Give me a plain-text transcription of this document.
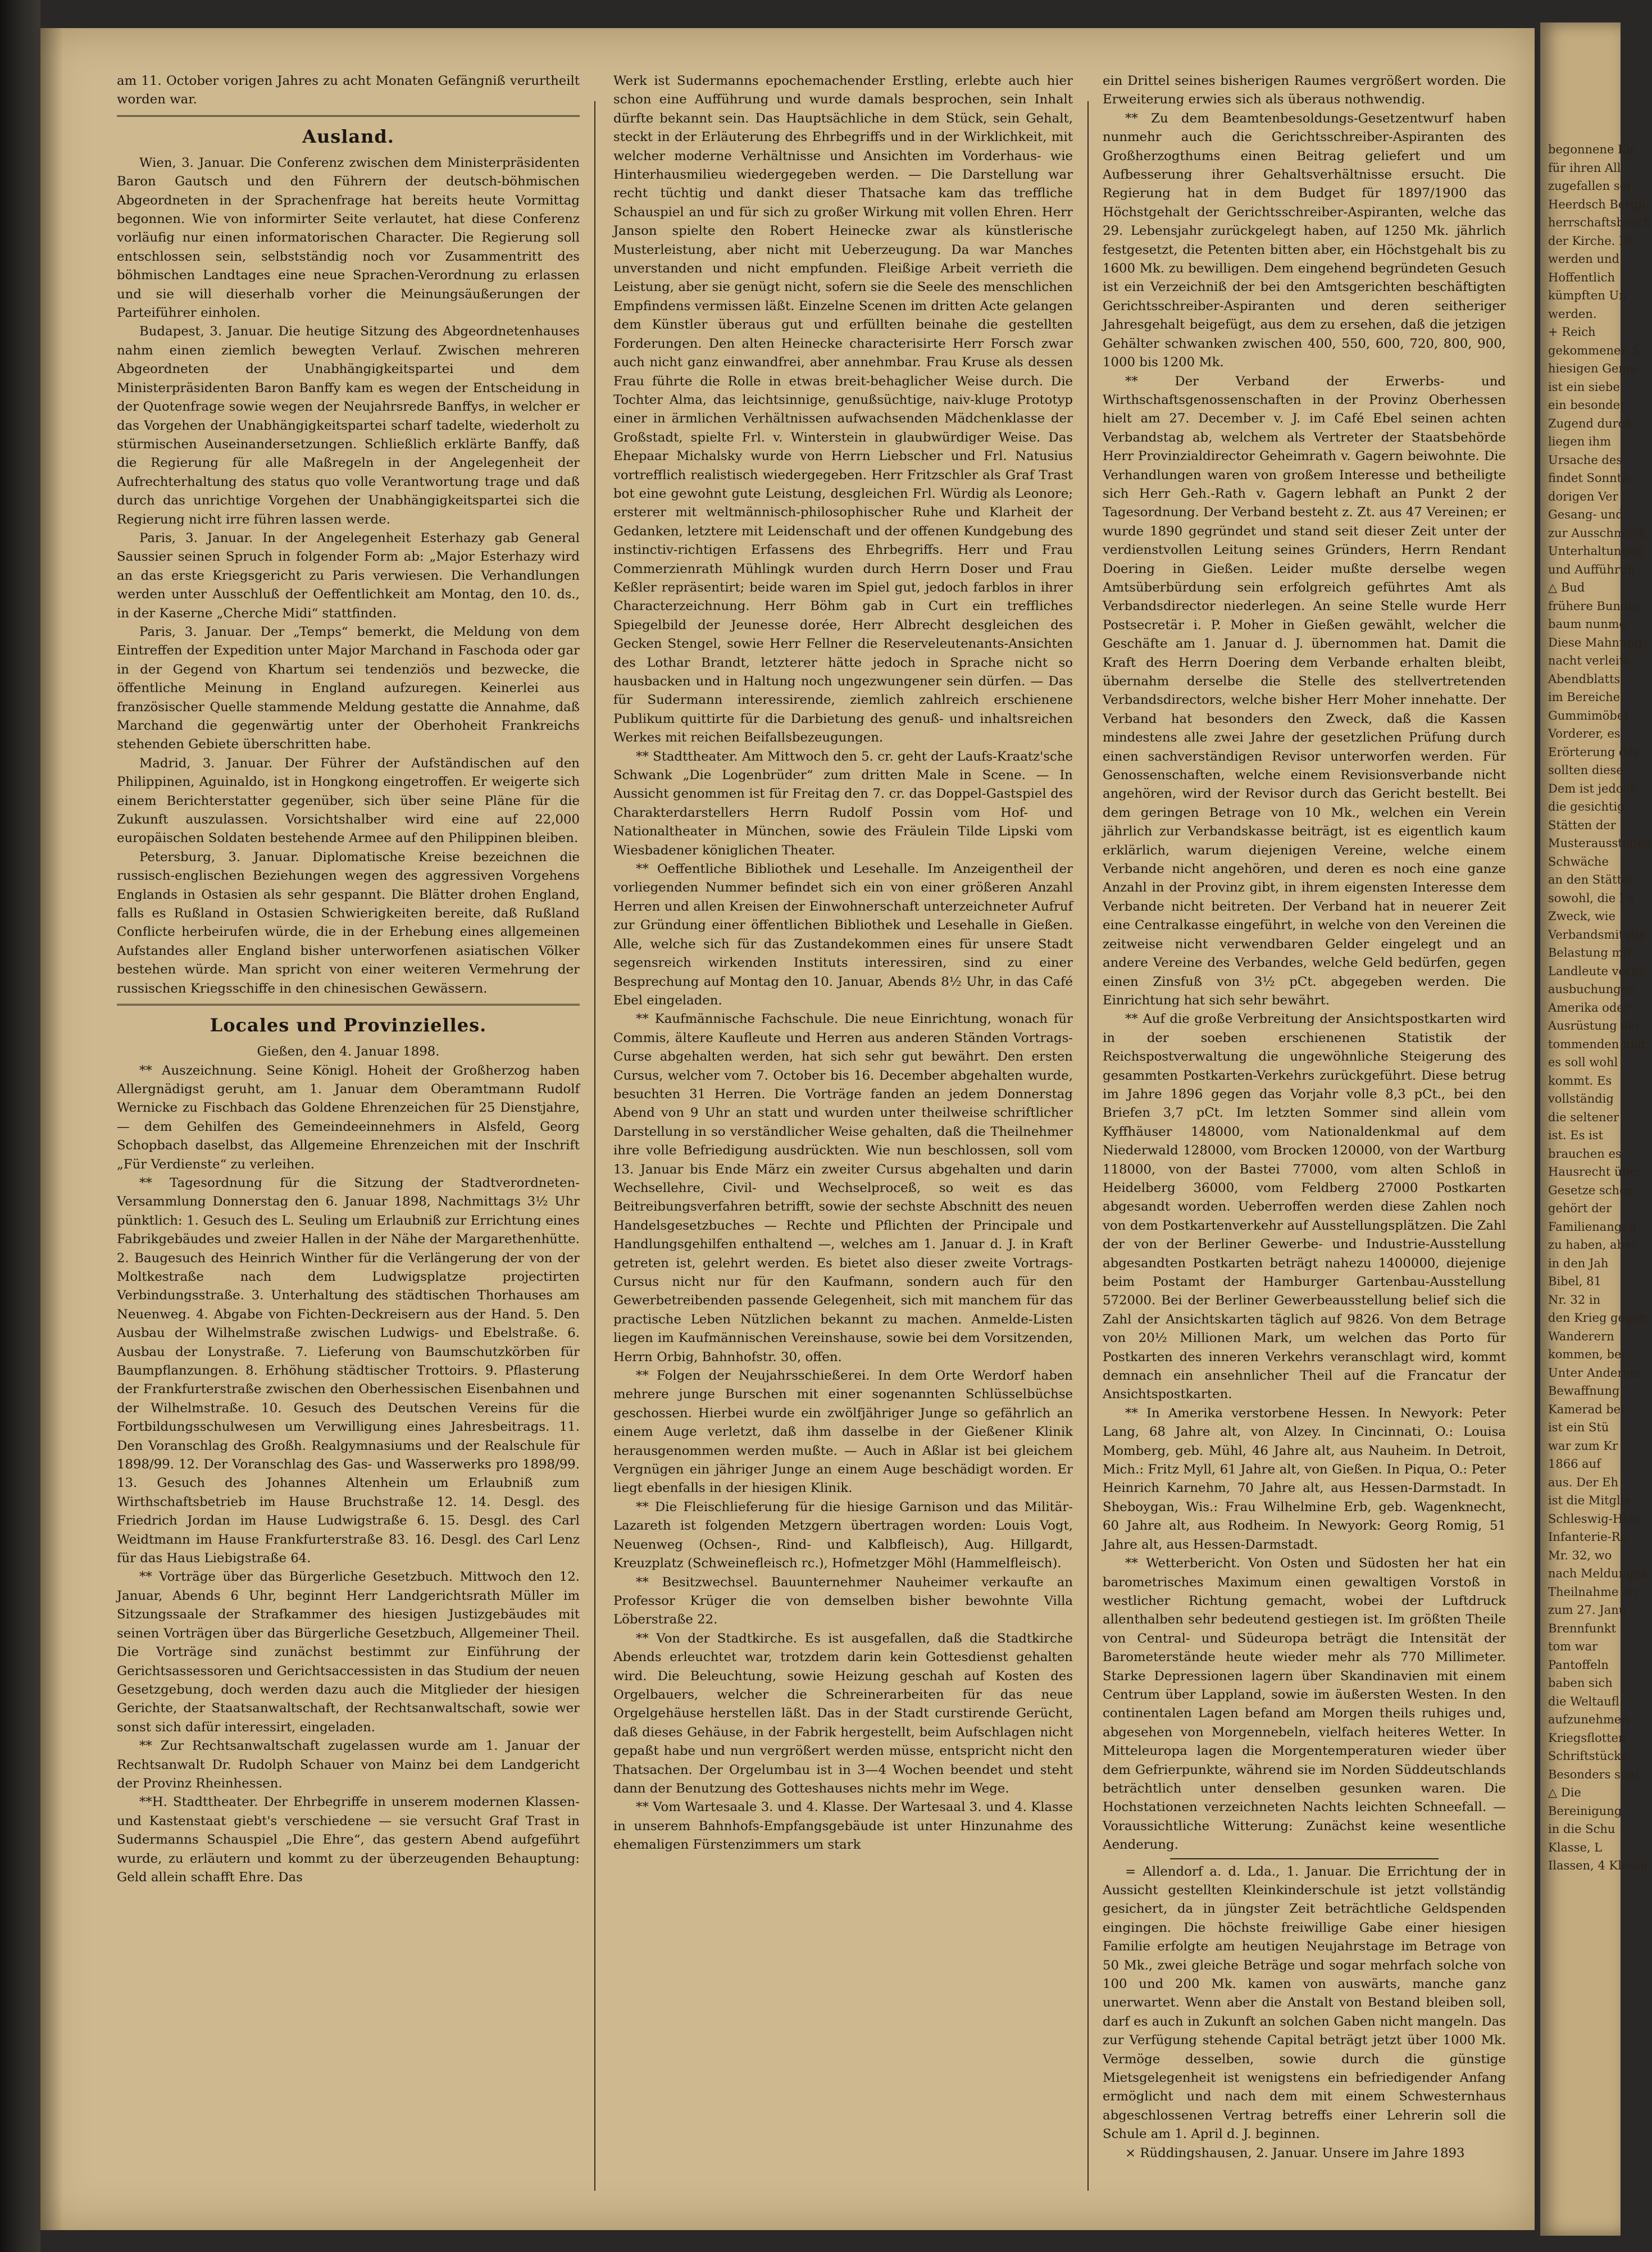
am 11. October vorigen Jahres zu acht Monaten Gefängniß verurtheilt worden war.

Ausland.

Wien, 3. Januar. Die Conferenz zwischen dem Ministerpräsidenten Baron Gautsch und den Führern der deutsch-böhmischen Abgeordneten in der Sprachenfrage hat bereits heute Vormittag begonnen. Wie von informirter Seite verlautet, hat diese Conferenz vorläufig nur einen informatorischen Character. Die Regierung soll entschlossen sein, selbstständig noch vor Zusammentritt des böhmischen Landtages eine neue Sprachen-Verordnung zu erlassen und sie will dieserhalb vorher die Meinungsäußerungen der Parteiführer einholen.

Budapest, 3. Januar. Die heutige Sitzung des Abgeordnetenhauses nahm einen ziemlich bewegten Verlauf. Zwischen mehreren Abgeordneten der Unabhängigkeitspartei und dem Ministerpräsidenten Baron Banffy kam es wegen der Entscheidung in der Quotenfrage sowie wegen der Neujahrsrede Banffys, in welcher er das Vorgehen der Unabhängigkeitspartei scharf tadelte, wiederholt zu stürmischen Auseinandersetzungen. Schließlich erklärte Banffy, daß die Regierung für alle Maßregeln in der Angelegenheit der Aufrechterhaltung des status quo volle Verantwortung trage und daß durch das unrichtige Vorgehen der Unabhängigkeitspartei sich die Regierung nicht irre führen lassen werde.

Paris, 3. Januar. In der Angelegenheit Esterhazy gab General Saussier seinen Spruch in folgender Form ab: „Major Esterhazy wird an das erste Kriegsgericht zu Paris verwiesen. Die Verhandlungen werden unter Ausschluß der Oeffentlichkeit am Montag, den 10. ds., in der Kaserne „Cherche Midi“ stattfinden.

Paris, 3. Januar. Der „Temps“ bemerkt, die Meldung von dem Eintreffen der Expedition unter Major Marchand in Faschoda oder gar in der Gegend von Khartum sei tendenziös und bezwecke, die öffentliche Meinung in England aufzuregen. Keinerlei aus französischer Quelle stammende Meldung gestatte die Annahme, daß Marchand die gegenwärtig unter der Oberhoheit Frankreichs stehenden Gebiete überschritten habe.

Madrid, 3. Januar. Der Führer der Aufständischen auf den Philippinen, Aguinaldo, ist in Hongkong eingetroffen. Er weigerte sich einem Berichterstatter gegenüber, sich über seine Pläne für die Zukunft auszulassen. Vorsichtshalber wird eine auf 22,000 europäischen Soldaten bestehende Armee auf den Philippinen bleiben.

Petersburg, 3. Januar. Diplomatische Kreise bezeichnen die russisch-englischen Beziehungen wegen des aggressiven Vorgehens Englands in Ostasien als sehr gespannt. Die Blätter drohen England, falls es Rußland in Ostasien Schwierigkeiten bereite, daß Rußland Conflicte herbeirufen würde, die in der Erhebung eines allgemeinen Aufstandes aller England bisher unterworfenen asiatischen Völker bestehen würde. Man spricht von einer weiteren Vermehrung der russischen Kriegsschiffe in den chinesischen Gewässern.

Locales und Provinzielles.

Gießen, den 4. Januar 1898.

** Auszeichnung. Seine Königl. Hoheit der Großherzog haben Allergnädigst geruht, am 1. Januar dem Oberamtmann Rudolf Wernicke zu Fischbach das Goldene Ehrenzeichen für 25 Dienstjahre, — dem Gehilfen des Gemeindeeinnehmers in Alsfeld, Georg Schopbach daselbst, das Allgemeine Ehrenzeichen mit der Inschrift „Für Verdienste“ zu verleihen.

** Tagesordnung für die Sitzung der Stadtverordneten-Versammlung Donnerstag den 6. Januar 1898, Nachmittags 3½ Uhr pünktlich: 1. Gesuch des L. Seuling um Erlaubniß zur Errichtung eines Fabrikgebäudes und zweier Hallen in der Nähe der Margarethenhütte. 2. Baugesuch des Heinrich Winther für die Verlängerung der von der Moltkestraße nach dem Ludwigsplatze projectirten Verbindungsstraße. 3. Unterhaltung des städtischen Thorhauses am Neuenweg. 4. Abgabe von Fichten-Deckreisern aus der Hand. 5. Den Ausbau der Wilhelmstraße zwischen Ludwigs- und Ebelstraße. 6. Ausbau der Lonystraße. 7. Lieferung von Baumschutzkörben für Baumpflanzungen. 8. Erhöhung städtischer Trottoirs. 9. Pflasterung der Frankfurterstraße zwischen den Oberhessischen Eisenbahnen und der Wilhelmstraße. 10. Gesuch des Deutschen Vereins für die Fortbildungsschulwesen um Verwilligung eines Jahresbeitrags. 11. Den Voranschlag des Großh. Realgymnasiums und der Realschule für 1898/99. 12. Der Voranschlag des Gas- und Wasserwerks pro 1898/99. 13. Gesuch des Johannes Altenhein um Erlaubniß zum Wirthschaftsbetrieb im Hause Bruchstraße 12. 14. Desgl. des Friedrich Jordan im Hause Ludwigstraße 6. 15. Desgl. des Carl Weidtmann im Hause Frankfurterstraße 83. 16. Desgl. des Carl Lenz für das Haus Liebigstraße 64.

** Vorträge über das Bürgerliche Gesetzbuch. Mittwoch den 12. Januar, Abends 6 Uhr, beginnt Herr Landgerichtsrath Müller im Sitzungssaale der Strafkammer des hiesigen Justizgebäudes mit seinen Vorträgen über das Bürgerliche Gesetzbuch, Allgemeiner Theil. Die Vorträge sind zunächst bestimmt zur Einführung der Gerichtsassessoren und Gerichtsaccessisten in das Studium der neuen Gesetzgebung, doch werden dazu auch die Mitglieder der hiesigen Gerichte, der Staatsanwaltschaft, der Rechtsanwaltschaft, sowie wer sonst sich dafür interessirt, eingeladen.

** Zur Rechtsanwaltschaft zugelassen wurde am 1. Januar der Rechtsanwalt Dr. Rudolph Schauer von Mainz bei dem Landgericht der Provinz Rheinhessen.

**H. Stadttheater. Der Ehrbegriffe in unserem modernen Klassen- und Kastenstaat giebt's verschiedene — sie versucht Graf Trast in Sudermanns Schauspiel „Die Ehre“, das gestern Abend aufgeführt wurde, zu erläutern und kommt zu der überzeugenden Behauptung: Geld allein schafft Ehre. Das

Werk ist Sudermanns epochemachender Erstling, erlebte auch hier schon eine Aufführung und wurde damals besprochen, sein Inhalt dürfte bekannt sein. Das Hauptsächliche in dem Stück, sein Gehalt, steckt in der Erläuterung des Ehrbegriffs und in der Wirklichkeit, mit welcher moderne Verhältnisse und Ansichten im Vorderhaus- wie Hinterhausmilieu wiedergegeben werden. — Die Darstellung war recht tüchtig und dankt dieser Thatsache kam das treffliche Schauspiel an und für sich zu großer Wirkung mit vollen Ehren. Herr Janson spielte den Robert Heinecke zwar als künstlerische Musterleistung, aber nicht mit Ueberzeugung. Da war Manches unverstanden und nicht empfunden. Fleißige Arbeit verrieth die Leistung, aber sie genügt nicht, sofern sie die Seele des menschlichen Empfindens vermissen läßt. Einzelne Scenen im dritten Acte gelangen dem Künstler überaus gut und erfüllten beinahe die gestellten Forderungen. Den alten Heinecke characterisirte Herr Forsch zwar auch nicht ganz einwandfrei, aber annehmbar. Frau Kruse als dessen Frau führte die Rolle in etwas breit-behaglicher Weise durch. Die Tochter Alma, das leichtsinnige, genußsüchtige, naiv-kluge Prototyp einer in ärmlichen Verhältnissen aufwachsenden Mädchenklasse der Großstadt, spielte Frl. v. Winterstein in glaubwürdiger Weise. Das Ehepaar Michalsky wurde von Herrn Liebscher und Frl. Natusius vortrefflich realistisch wiedergegeben. Herr Fritzschler als Graf Trast bot eine gewohnt gute Leistung, desgleichen Frl. Würdig als Leonore; ersterer mit weltmännisch-philosophischer Ruhe und Klarheit der Gedanken, letztere mit Leidenschaft und der offenen Kundgebung des instinctiv-richtigen Erfassens des Ehrbegriffs. Herr und Frau Commerzienrath Mühlingk wurden durch Herrn Doser und Frau Keßler repräsentirt; beide waren im Spiel gut, jedoch farblos in ihrer Characterzeichnung. Herr Böhm gab in Curt ein treffliches Spiegelbild der Jeunesse dorée, Herr Albrecht desgleichen des Gecken Stengel, sowie Herr Fellner die Reserveleutenants-Ansichten des Lothar Brandt, letzterer hätte jedoch in Sprache nicht so hausbacken und in Haltung noch ungezwungener sein dürfen. — Das für Sudermann interessirende, ziemlich zahlreich erschienene Publikum quittirte für die Darbietung des genuß- und inhaltsreichen Werkes mit reichen Beifallsbezeugungen.

** Stadttheater. Am Mittwoch den 5. cr. geht der Laufs-Kraatz'sche Schwank „Die Logenbrüder“ zum dritten Male in Scene. — In Aussicht genommen ist für Freitag den 7. cr. das Doppel-Gastspiel des Charakterdarstellers Herrn Rudolf Possin vom Hof- und Nationaltheater in München, sowie des Fräulein Tilde Lipski vom Wiesbadener königlichen Theater.

** Oeffentliche Bibliothek und Lesehalle. Im Anzeigentheil der vorliegenden Nummer befindet sich ein von einer größeren Anzahl Herren und allen Kreisen der Einwohnerschaft unterzeichneter Aufruf zur Gründung einer öffentlichen Bibliothek und Lesehalle in Gießen. Alle, welche sich für das Zustandekommen eines für unsere Stadt segensreich wirkenden Instituts interessiren, sind zu einer Besprechung auf Montag den 10. Januar, Abends 8½ Uhr, in das Café Ebel eingeladen.

** Kaufmännische Fachschule. Die neue Einrichtung, wonach für Commis, ältere Kaufleute und Herren aus anderen Ständen Vortrags-Curse abgehalten werden, hat sich sehr gut bewährt. Den ersten Cursus, welcher vom 7. October bis 16. December abgehalten wurde, besuchten 31 Herren. Die Vorträge fanden an jedem Donnerstag Abend von 9 Uhr an statt und wurden unter theilweise schriftlicher Darstellung in so verständlicher Weise gehalten, daß die Theilnehmer ihre volle Befriedigung ausdrückten. Wie nun beschlossen, soll vom 13. Januar bis Ende März ein zweiter Cursus abgehalten und darin Wechsellehre, Civil- und Wechselproceß, so weit es das Beitreibungsverfahren betrifft, sowie der sechste Abschnitt des neuen Handelsgesetzbuches — Rechte und Pflichten der Principale und Handlungsgehilfen enthaltend —, welches am 1. Januar d. J. in Kraft getreten ist, gelehrt werden. Es bietet also dieser zweite Vortrags-Cursus nicht nur für den Kaufmann, sondern auch für den Gewerbetreibenden passende Gelegenheit, sich mit manchem für das practische Leben Nützlichen bekannt zu machen. Anmelde-Listen liegen im Kaufmännischen Vereinshause, sowie bei dem Vorsitzenden, Herrn Orbig, Bahnhofstr. 30, offen.

** Folgen der Neujahrsschießerei. In dem Orte Werdorf haben mehrere junge Burschen mit einer sogenannten Schlüsselbüchse geschossen. Hierbei wurde ein zwölfjähriger Junge so gefährlich an einem Auge verletzt, daß ihm dasselbe in der Gießener Klinik herausgenommen werden mußte. — Auch in Aßlar ist bei gleichem Vergnügen ein jähriger Junge an einem Auge beschädigt worden. Er liegt ebenfalls in der hiesigen Klinik.

** Die Fleischlieferung für die hiesige Garnison und das Militär-Lazareth ist folgenden Metzgern übertragen worden: Louis Vogt, Neuenweg (Ochsen-, Rind- und Kalbfleisch), Aug. Hillgardt, Kreuzplatz (Schweinefleisch rc.), Hofmetzger Möhl (Hammelfleisch).

** Besitzwechsel. Bauunternehmer Nauheimer verkaufte an Professor Krüger die von demselben bisher bewohnte Villa Löberstraße 22.

** Von der Stadtkirche. Es ist ausgefallen, daß die Stadtkirche Abends erleuchtet war, trotzdem darin kein Gottesdienst gehalten wird. Die Beleuchtung, sowie Heizung geschah auf Kosten des Orgelbauers, welcher die Schreinerarbeiten für das neue Orgelgehäuse herstellen läßt. Das in der Stadt curstirende Gerücht, daß dieses Gehäuse, in der Fabrik hergestellt, beim Aufschlagen nicht gepaßt habe und nun vergrößert werden müsse, entspricht nicht den Thatsachen. Der Orgelumbau ist in 3—4 Wochen beendet und steht dann der Benutzung des Gotteshauses nichts mehr im Wege.

** Vom Wartesaale 3. und 4. Klasse. Der Wartesaal 3. und 4. Klasse in unserem Bahnhofs-Empfangsgebäude ist unter Hinzunahme des ehemaligen Fürstenzimmers um stark

ein Drittel seines bisherigen Raumes vergrößert worden. Die Erweiterung erwies sich als überaus nothwendig.

** Zu dem Beamtenbesoldungs-Gesetzentwurf haben nunmehr auch die Gerichtsschreiber-Aspiranten des Großherzogthums einen Beitrag geliefert und um Aufbesserung ihrer Gehaltsverhältnisse ersucht. Die Regierung hat in dem Budget für 1897/1900 das Höchstgehalt der Gerichtsschreiber-Aspiranten, welche das 29. Lebensjahr zurückgelegt haben, auf 1250 Mk. jährlich festgesetzt, die Petenten bitten aber, ein Höchstgehalt bis zu 1600 Mk. zu bewilligen. Dem eingehend begründeten Gesuch ist ein Verzeichniß der bei den Amtsgerichten beschäftigten Gerichtsschreiber-Aspiranten und deren seitheriger Jahresgehalt beigefügt, aus dem zu ersehen, daß die jetzigen Gehälter schwanken zwischen 400, 550, 600, 720, 800, 900, 1000 bis 1200 Mk.

** Der Verband der Erwerbs- und Wirthschaftsgenossenschaften in der Provinz Oberhessen hielt am 27. December v. J. im Café Ebel seinen achten Verbandstag ab, welchem als Vertreter der Staatsbehörde Herr Provinzialdirector Geheimrath v. Gagern beiwohnte. Die Verhandlungen waren von großem Interesse und betheiligte sich Herr Geh.-Rath v. Gagern lebhaft an Punkt 2 der Tagesordnung. Der Verband besteht z. Zt. aus 47 Vereinen; er wurde 1890 gegründet und stand seit dieser Zeit unter der verdienstvollen Leitung seines Gründers, Herrn Rendant Doering in Gießen. Leider mußte derselbe wegen Amtsüberbürdung sein erfolgreich geführtes Amt als Verbandsdirector niederlegen. An seine Stelle wurde Herr Postsecretär i. P. Moher in Gießen gewählt, welcher die Geschäfte am 1. Januar d. J. übernommen hat. Damit die Kraft des Herrn Doering dem Verbande erhalten bleibt, übernahm derselbe die Stelle des stellvertretenden Verbandsdirectors, welche bisher Herr Moher innehatte. Der Verband hat besonders den Zweck, daß die Kassen mindestens alle zwei Jahre der gesetzlichen Prüfung durch einen sachverständigen Revisor unterworfen werden. Für Genossenschaften, welche einem Revisionsverbande nicht angehören, wird der Revisor durch das Gericht bestellt. Bei dem geringen Betrage von 10 Mk., welchen ein Verein jährlich zur Verbandskasse beiträgt, ist es eigentlich kaum erklärlich, warum diejenigen Vereine, welche einem Verbande nicht angehören, und deren es noch eine ganze Anzahl in der Provinz gibt, in ihrem eigensten Interesse dem Verbande nicht beitreten. Der Verband hat in neuerer Zeit eine Centralkasse eingeführt, in welche von den Vereinen die zeitweise nicht verwendbaren Gelder eingelegt und an andere Vereine des Verbandes, welche Geld bedürfen, gegen einen Zinsfuß von 3½ pCt. abgegeben werden. Die Einrichtung hat sich sehr bewährt.

** Auf die große Verbreitung der Ansichtspostkarten wird in der soeben erschienenen Statistik der Reichspostverwaltung die ungewöhnliche Steigerung des gesammten Postkarten-Verkehrs zurückgeführt. Diese betrug im Jahre 1896 gegen das Vorjahr volle 8,3 pCt., bei den Briefen 3,7 pCt. Im letzten Sommer sind allein vom Kyffhäuser 148000, vom Nationaldenkmal auf dem Niederwald 128000, vom Brocken 120000, von der Wartburg 118000, von der Bastei 77000, vom alten Schloß in Heidelberg 36000, vom Feldberg 27000 Postkarten abgesandt worden. Ueberroffen werden diese Zahlen noch von dem Postkartenverkehr auf Ausstellungsplätzen. Die Zahl der von der Berliner Gewerbe- und Industrie-Ausstellung abgesandten Postkarten beträgt nahezu 1400000, diejenige beim Postamt der Hamburger Gartenbau-Ausstellung 572000. Bei der Berliner Gewerbeausstellung belief sich die Zahl der Ansichtskarten täglich auf 9826. Von dem Betrage von 20½ Millionen Mark, um welchen das Porto für Postkarten des inneren Verkehrs veranschlagt wird, kommt demnach ein ansehnlicher Theil auf die Francatur der Ansichtspostkarten.

** In Amerika verstorbene Hessen. In Newyork: Peter Lang, 68 Jahre alt, von Alzey. In Cincinnati, O.: Louisa Momberg, geb. Mühl, 46 Jahre alt, aus Nauheim. In Detroit, Mich.: Fritz Myll, 61 Jahre alt, von Gießen. In Piqua, O.: Peter Heinrich Karnehm, 70 Jahre alt, aus Hessen-Darmstadt. In Sheboygan, Wis.: Frau Wilhelmine Erb, geb. Wagenknecht, 60 Jahre alt, aus Rodheim. In Newyork: Georg Romig, 51 Jahre alt, aus Hessen-Darmstadt.

** Wetterbericht. Von Osten und Südosten her hat ein barometrisches Maximum einen gewaltigen Vorstoß in westlicher Richtung gemacht, wobei der Luftdruck allenthalben sehr bedeutend gestiegen ist. Im größten Theile von Central- und Südeuropa beträgt die Intensität der Barometerstände heute wieder mehr als 770 Millimeter. Starke Depressionen lagern über Skandinavien mit einem Centrum über Lappland, sowie im äußersten Westen. In den continentalen Lagen befand am Morgen theils ruhiges und, abgesehen von Morgennebeln, vielfach heiteres Wetter. In Mitteleuropa lagen die Morgentemperaturen wieder über dem Gefrierpunkte, während sie im Norden Süddeutschlands beträchtlich unter denselben gesunken waren. Die Hochstationen verzeichneten Nachts leichten Schneefall. — Voraussichtliche Witterung: Zunächst keine wesentliche Aenderung.

= Allendorf a. d. Lda., 1. Januar. Die Errichtung der in Aussicht gestellten Kleinkinderschule ist jetzt vollständig gesichert, da in jüngster Zeit beträchtliche Geldspenden eingingen. Die höchste freiwillige Gabe einer hiesigen Familie erfolgte am heutigen Neujahrstage im Betrage von 50 Mk., zwei gleiche Beträge und sogar mehrfach solche von 100 und 200 Mk. kamen von auswärts, manche ganz unerwartet. Wenn aber die Anstalt von Bestand bleiben soll, darf es auch in Zukunft an solchen Gaben nicht mangeln. Das zur Verfügung stehende Capital beträgt jetzt über 1000 Mk. Vermöge desselben, sowie durch die günstige Mietsgelegenheit ist wenigstens ein befriedigender Anfang ermöglicht und nach dem mit einem Schwesternhaus abgeschlossenen Vertrag betreffs einer Lehrerin soll die Schule am 1. April d. J. beginnen.

× Rüddingshausen, 2. Januar. Unsere im Jahre 1893

begonnene Ku

für ihren All

zugefallen sei

Heerdsch Bergn

herrschaftsbesch

der Kirche. Di

werden und

Hoffentlich

kümpften Un

werden.

+ Reich

gekommenen S

hiesigen Geme

ist ein siebe

ein besonder

Zugend durch

liegen ihm

Ursache des

findet Sonnta

dorigen Ver

Gesang- und

zur Ausschmück

Unterhaltungen

und Aufführun

△ Bud

frühere Bundes

baum nunme

Diese Mahnung

nacht verleite

Abendblatts

im Bereiche

Gummimöbel

Vorderer, es

Erörterung des

sollten diese

Dem ist jedoch

die gesichtig

Stätten der

Musterausstellen

Schwäche

an den Stätter

sowohl, die Fe

Zweck, wie

Verbandsmitglie

Belastung mit

Landleute vorbe

ausbuchungen

Amerika oder

Ausrüstung der

tommenden und

es soll wohl

kommt. Es

vollständig

die seltener

ist. Es ist

brauchen es

Hausrecht über

Gesetze schon

gehört der

Familienangeh

zu haben, aber

in den Jah

Bibel, 81

Nr. 32 in

den Krieg gegen

Wanderern

kommen, bei

Unter Anderem

Bewaffnung

Kamerad bei

ist ein Stü

war zum Kr

1866 auf

aus. Der Eh

ist die Mitglie

Schleswig-Hols

Infanterie-Re

Mr. 32, wo

nach Meldungen

Theilnahme an

zum 27. Janu

Brennfunkt

tom war

Pantoffeln

baben sich

die Weltaufl

aufzunehmen

Kriegsflotten

Schriftstücke

Besonders sind

△ Die

Bereinigung

in die Schu

Klasse, L

Ilassen, 4 Klasse
